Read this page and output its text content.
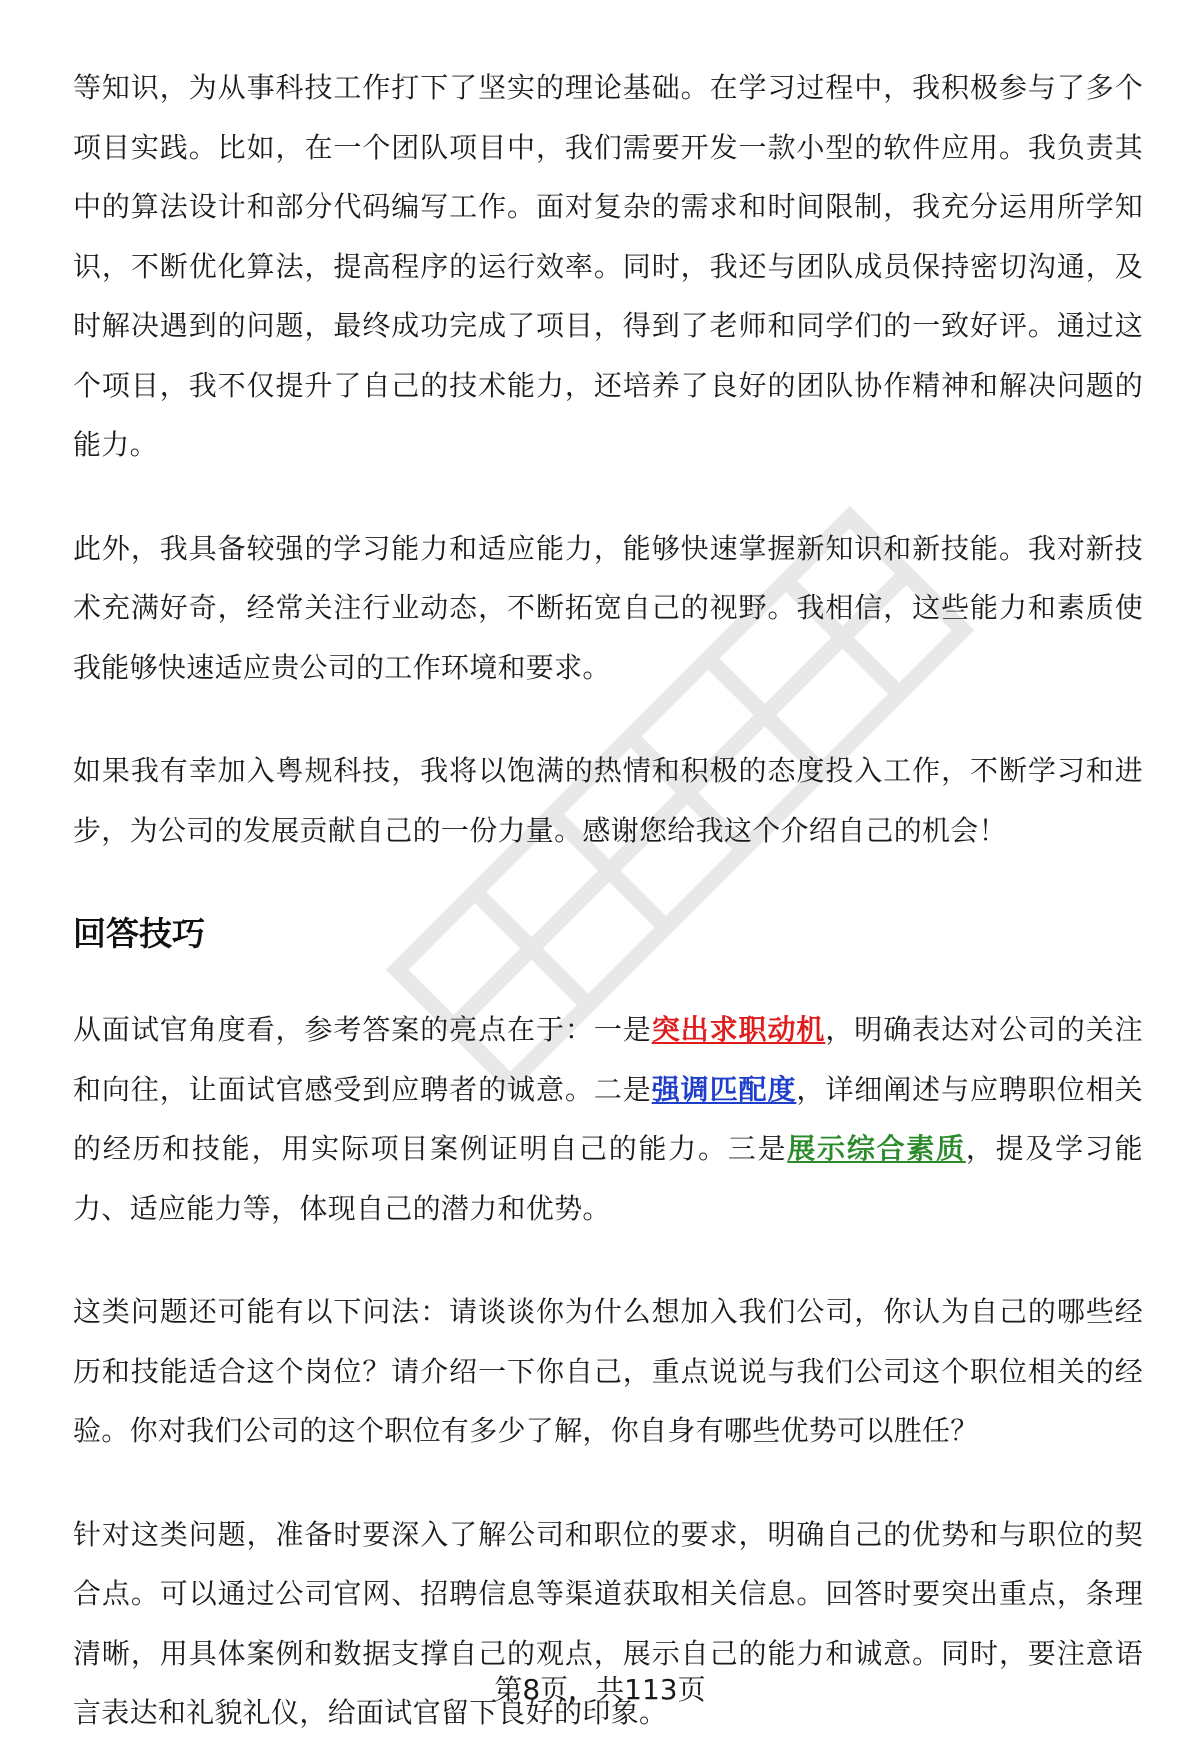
等知识，为从事科技工作打下了坚实的理论基础。在学习过程中，我积极参与了多个项目实践。比如，在一个团队项目中，我们需要开发一款小型的软件应用。我负责其中的算法设计和部分代码编写工作。面对复杂的需求和时间限制，我充分运用所学知识，不断优化算法，提高程序的运行效率。同时，我还与团队成员保持密切沟通，及时解决遇到的问题，最终成功完成了项目，得到了老师和同学们的一致好评。通过这个项目，我不仅提升了自己的技术能力，还培养了良好的团队协作精神和解决问题的能力。

此外，我具备较强的学习能力和适应能力，能够快速掌握新知识和新技能。我对新技术充满好奇，经常关注行业动态，不断拓宽自己的视野。我相信，这些能力和素质使我能够快速适应贵公司的工作环境和要求。

如果我有幸加入粤规科技，我将以饱满的热情和积极的态度投入工作，不断学习和进步，为公司的发展贡献自己的一份力量。感谢您给我这个介绍自己的机会！

回答技巧

从面试官角度看，参考答案的亮点在于：一是突出求职动机，明确表达对公司的关注和向往，让面试官感受到应聘者的诚意。二是强调匹配度，详细阐述与应聘职位相关的经历和技能，用实际项目案例证明自己的能力。三是展示综合素质，提及学习能力、适应能力等，体现自己的潜力和优势。

这类问题还可能有以下问法：请谈谈你为什么想加入我们公司，你认为自己的哪些经历和技能适合这个岗位？请介绍一下你自己，重点说说与我们公司这个职位相关的经验。你对我们公司的这个职位有多少了解，你自身有哪些优势可以胜任？

针对这类问题，准备时要深入了解公司和职位的要求，明确自己的优势和与职位的契合点。可以通过公司官网、招聘信息等渠道获取相关信息。回答时要突出重点，条理清晰，用具体案例和数据支撑自己的观点，展示自己的能力和诚意。同时，要注意语言表达和礼貌礼仪，给面试官留下良好的印象。

第8页，共113页
